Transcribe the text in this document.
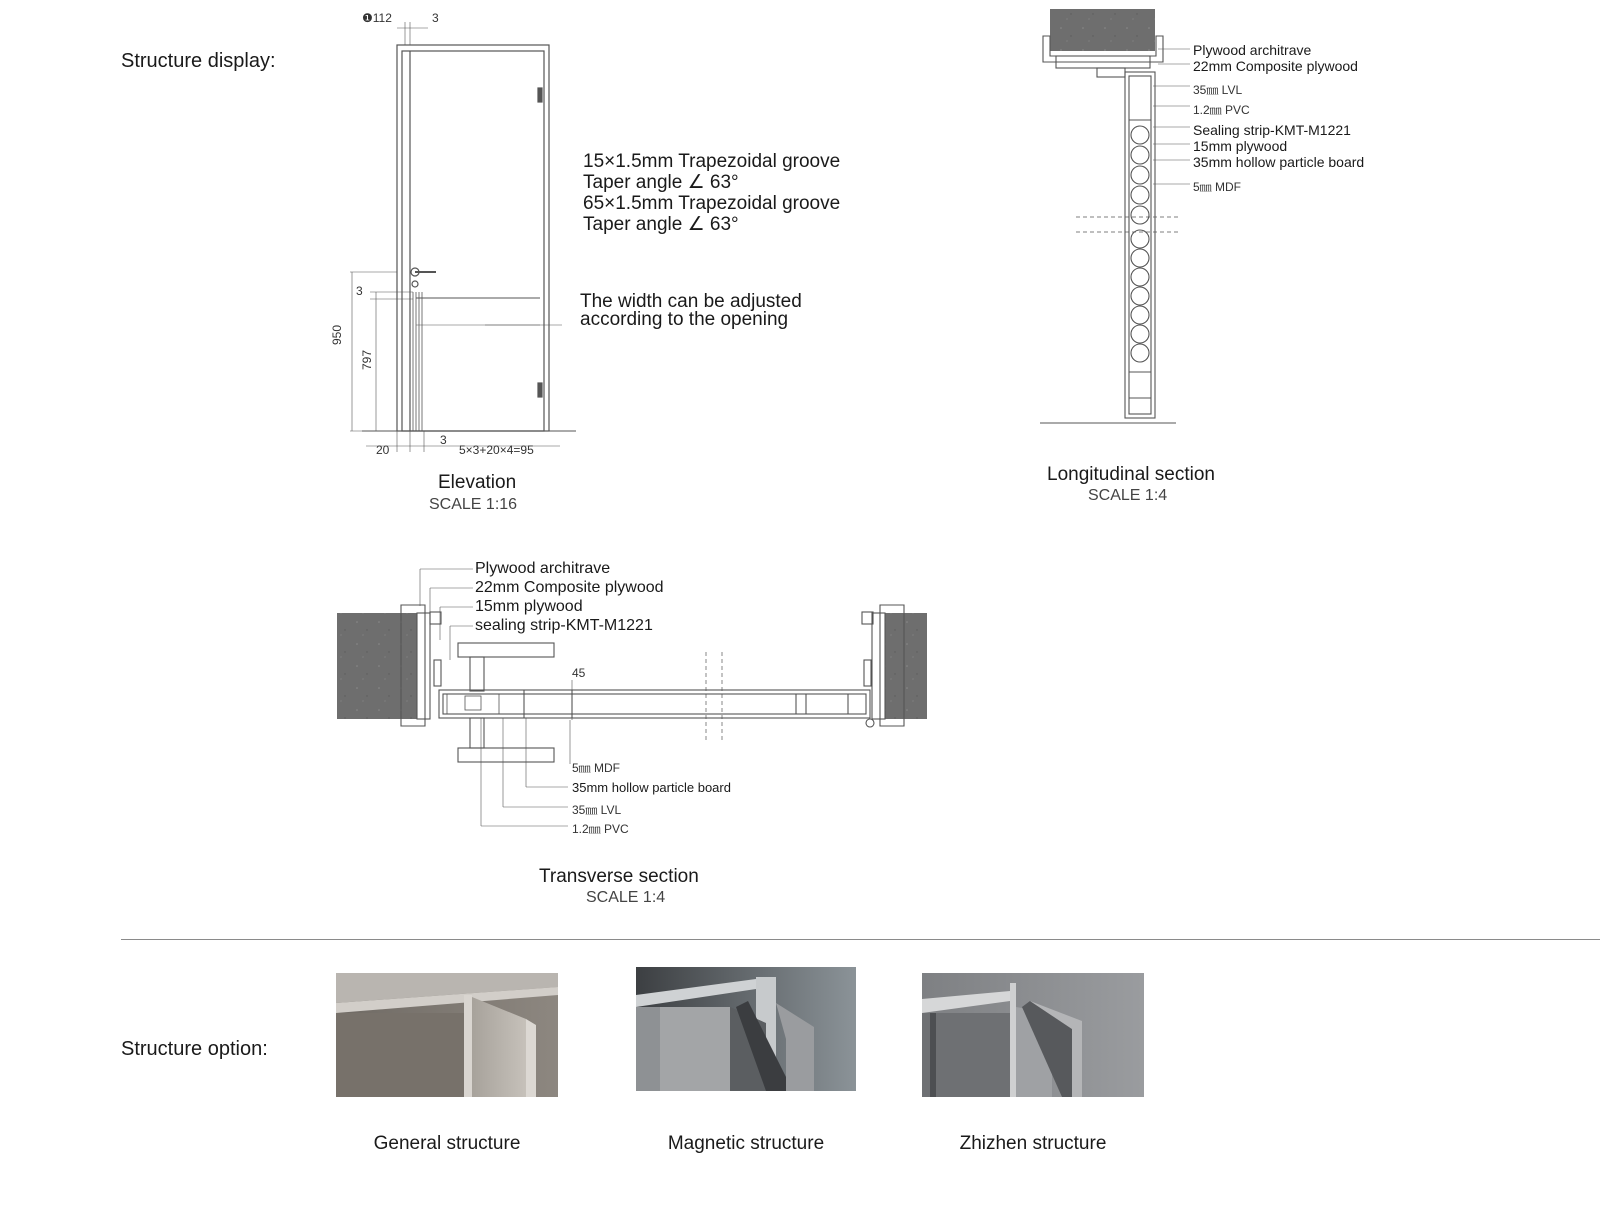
Structure display:
Structure option:
❶112	3
3
950
797
20
3
5×3+20×4=95
15×1.5mm Trapezoidal groove
Taper angle ∠ 63°
65×1.5mm Trapezoidal groove
Taper angle ∠ 63°
The width can be adjusted
according to the opening
Elevation
SCALE 1:16
Plywood architrave
22mm Composite plywood
35㎜ LVL
1.2㎜ PVC
Sealing strip-KMT-M1221
15mm plywood
35mm hollow particle board
5㎜ MDF
Longitudinal section
SCALE 1:4
Plywood architrave
22mm Composite plywood
15mm plywood
sealing strip-KMT-M1221
45
5㎜ MDF
35mm hollow particle board
35㎜ LVL
1.2㎜ PVC
Transverse section
SCALE 1:4
General structure	Magnetic structure	Zhizhen structure
